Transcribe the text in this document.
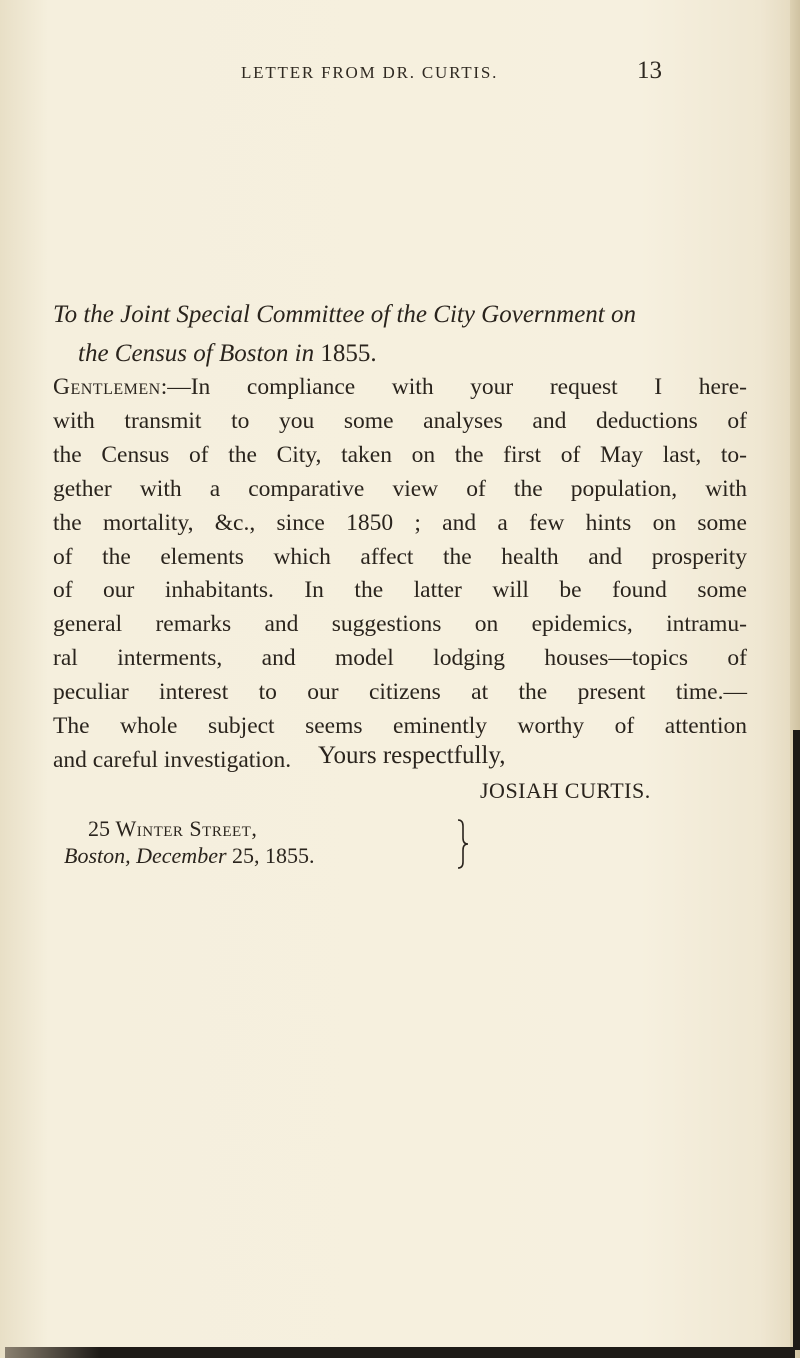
LETTER FROM DR. CURTIS.	13
To the Joint Special Committee of the City Government on
the Census of Boston in 1855.
Gentlemen:—In compliance with your request I here-
with transmit to you some analyses and deductions of
the Census of the City, taken on the first of May last, to-
gether with a comparative view of the population, with
the mortality, &c., since 1850 ; and a few hints on some
of the elements which affect the health and prosperity
of our inhabitants. In the latter will be found some
general remarks and suggestions on epidemics, intramu-
ral interments, and model lodging houses—topics of
peculiar interest to our citizens at the present time.—
The whole subject seems eminently worthy of attention
and careful investigation.	Yours respectfully,
JOSIAH CURTIS.
25 Winter Street,
Boston, December 25, 1855.
